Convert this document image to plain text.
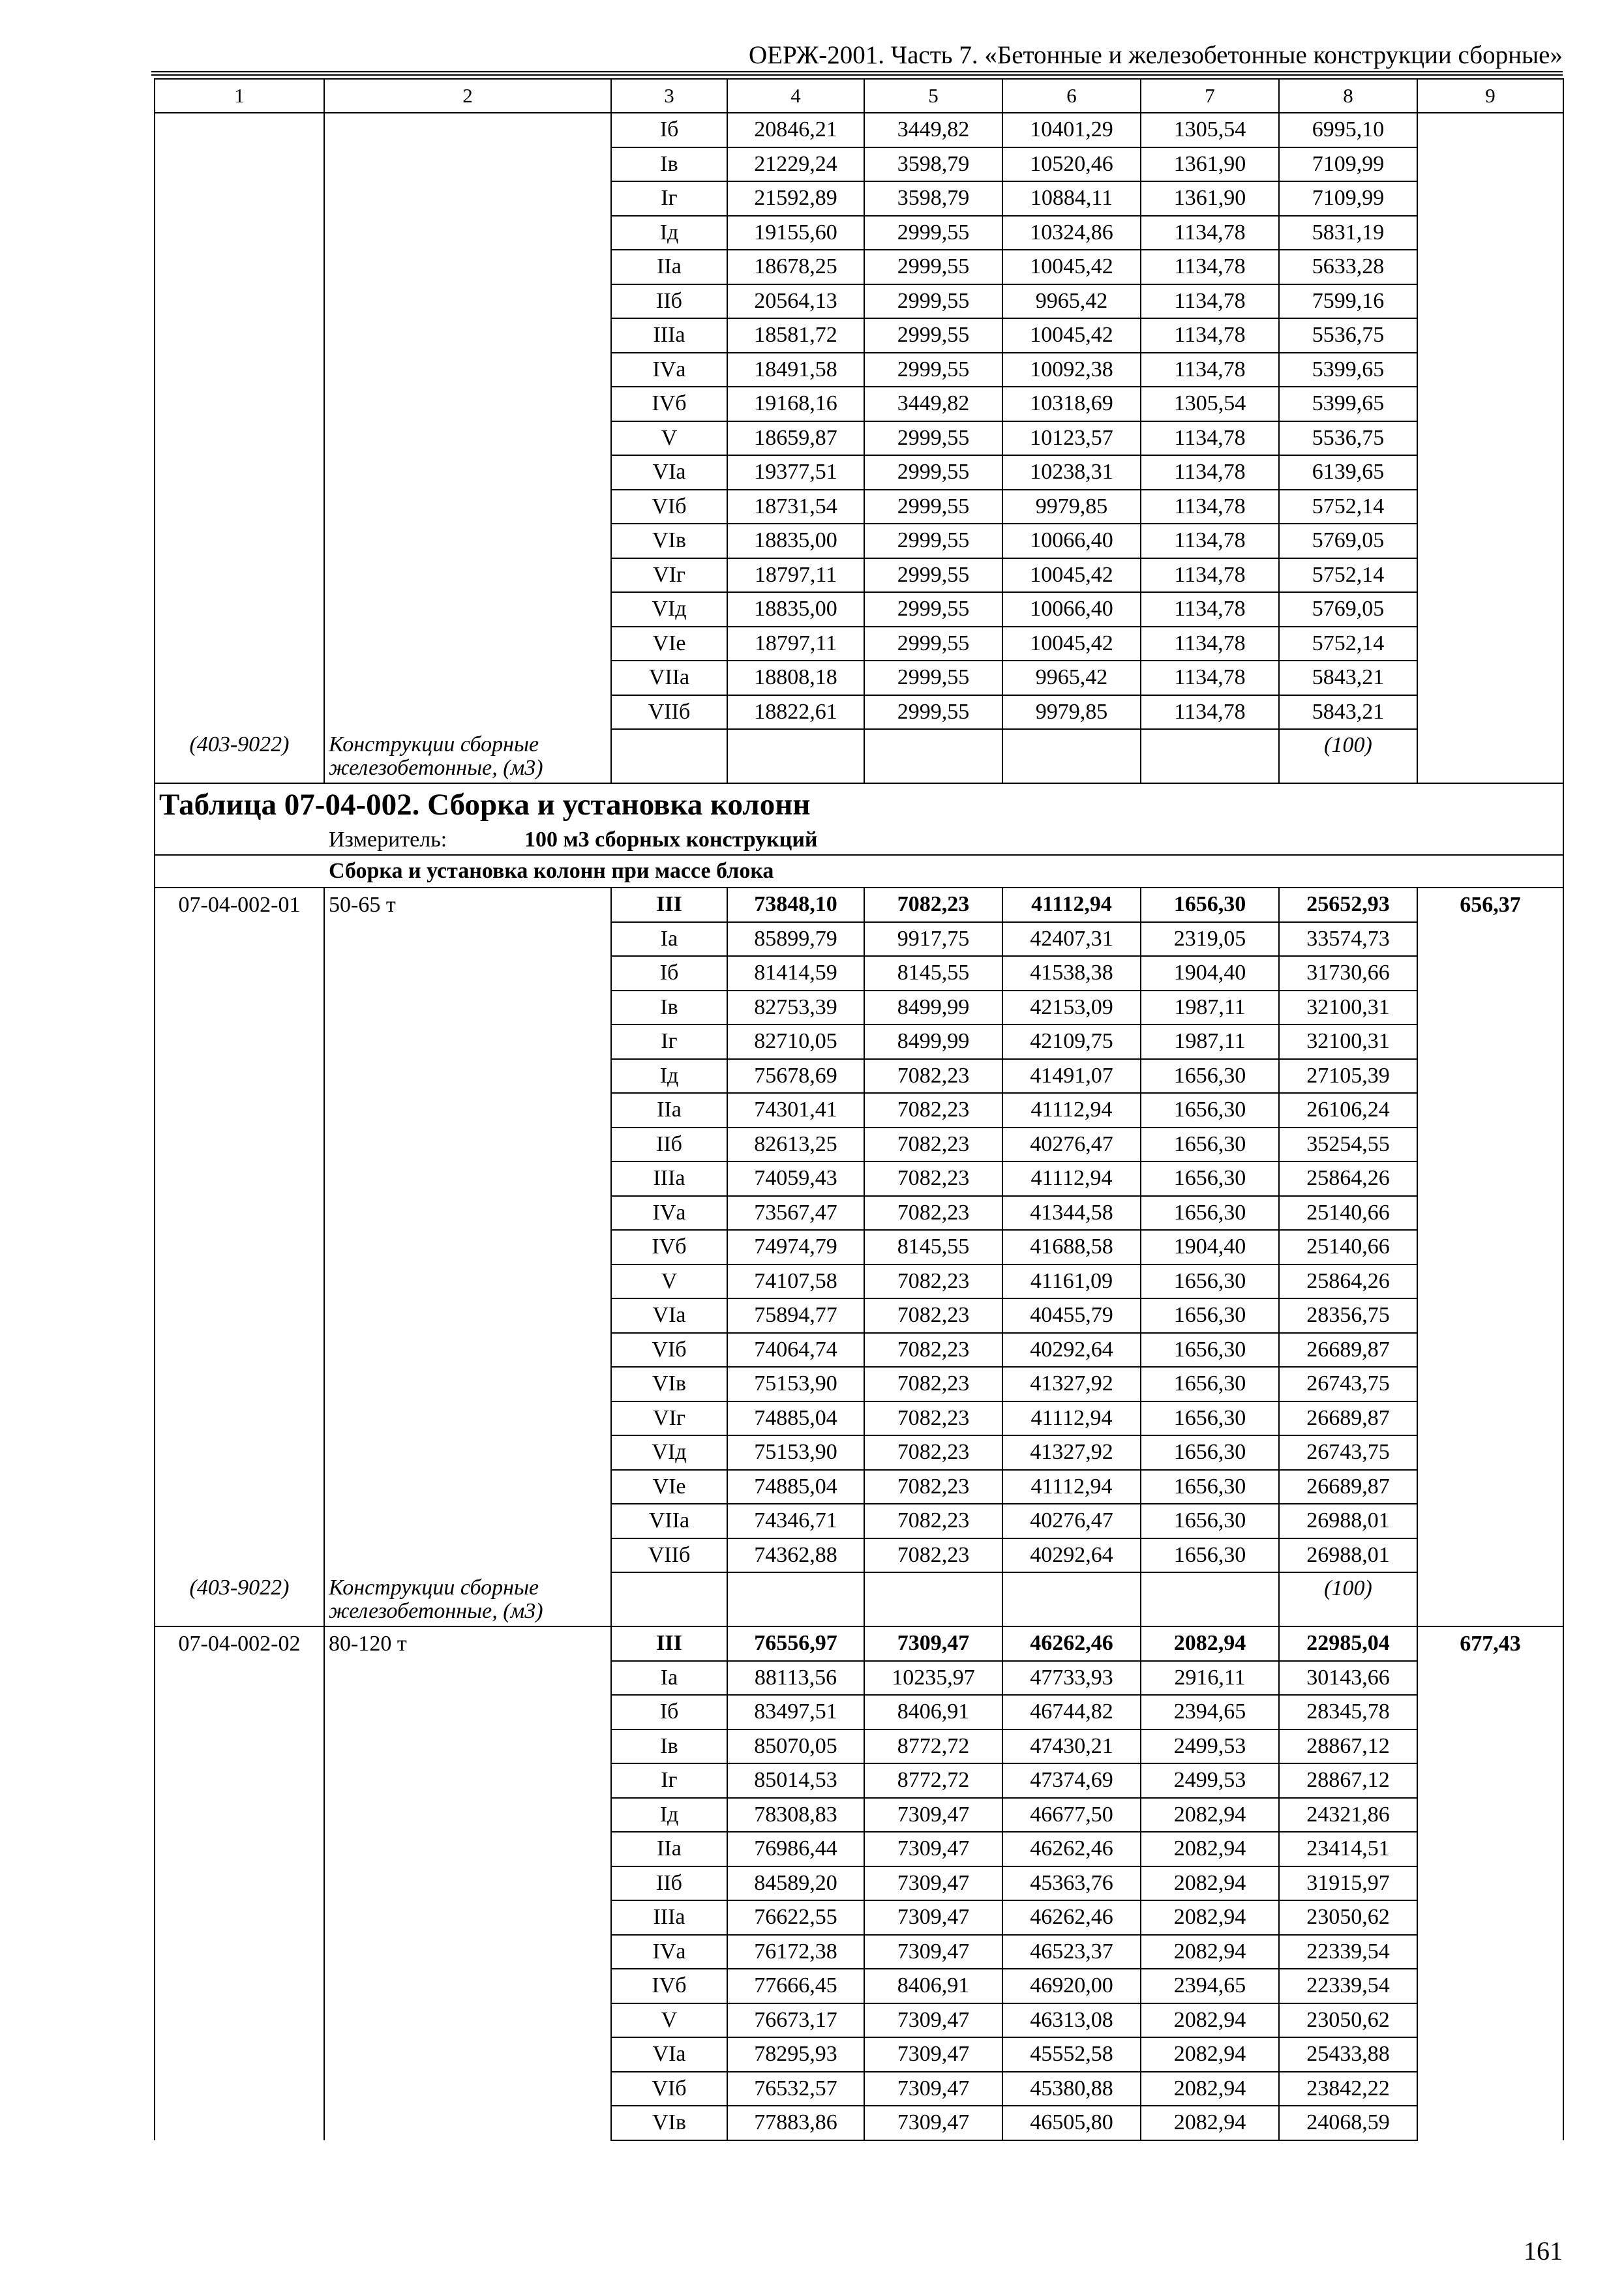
ОЕРЖ-2001. Часть 7. «Бетонные и железобетонные конструкции сборные»
1	2	3	4	5	6	7	8	9
		Iб	20846,21	3449,82	10401,29	1305,54	6995,10	
		Iв	21229,24	3598,79	10520,46	1361,90	7109,99	
		Iг	21592,89	3598,79	10884,11	1361,90	7109,99	
		Iд	19155,60	2999,55	10324,86	1134,78	5831,19	
		IIа	18678,25	2999,55	10045,42	1134,78	5633,28	
		IIб	20564,13	2999,55	9965,42	1134,78	7599,16	
		IIIа	18581,72	2999,55	10045,42	1134,78	5536,75	
		IVа	18491,58	2999,55	10092,38	1134,78	5399,65	
		IVб	19168,16	3449,82	10318,69	1305,54	5399,65	
		V	18659,87	2999,55	10123,57	1134,78	5536,75	
		VIа	19377,51	2999,55	10238,31	1134,78	6139,65	
		VIб	18731,54	2999,55	9979,85	1134,78	5752,14	
		VIв	18835,00	2999,55	10066,40	1134,78	5769,05	
		VIг	18797,11	2999,55	10045,42	1134,78	5752,14	
		VIд	18835,00	2999,55	10066,40	1134,78	5769,05	
		VIе	18797,11	2999,55	10045,42	1134,78	5752,14	
		VIIа	18808,18	2999,55	9965,42	1134,78	5843,21	
		VIIб	18822,61	2999,55	9979,85	1134,78	5843,21	
(403-9022)	Конструкции сборные железобетонные, (м3)						(100)	
Таблица 07-04-002. Сборка и установка колонн								
Измеритель: 100 м3 сборных конструкций								
Сборка и установка колонн при массе блока								
07-04-002-01	50-65 т	III	73848,10	7082,23	41112,94	1656,30	25652,93	656,37
		Iа	85899,79	9917,75	42407,31	2319,05	33574,73	
		Iб	81414,59	8145,55	41538,38	1904,40	31730,66	
		Iв	82753,39	8499,99	42153,09	1987,11	32100,31	
		Iг	82710,05	8499,99	42109,75	1987,11	32100,31	
		Iд	75678,69	7082,23	41491,07	1656,30	27105,39	
		IIа	74301,41	7082,23	41112,94	1656,30	26106,24	
		IIб	82613,25	7082,23	40276,47	1656,30	35254,55	
		IIIа	74059,43	7082,23	41112,94	1656,30	25864,26	
		IVа	73567,47	7082,23	41344,58	1656,30	25140,66	
		IVб	74974,79	8145,55	41688,58	1904,40	25140,66	
		V	74107,58	7082,23	41161,09	1656,30	25864,26	
		VIа	75894,77	7082,23	40455,79	1656,30	28356,75	
		VIб	74064,74	7082,23	40292,64	1656,30	26689,87	
		VIв	75153,90	7082,23	41327,92	1656,30	26743,75	
		VIг	74885,04	7082,23	41112,94	1656,30	26689,87	
		VIд	75153,90	7082,23	41327,92	1656,30	26743,75	
		VIе	74885,04	7082,23	41112,94	1656,30	26689,87	
		VIIа	74346,71	7082,23	40276,47	1656,30	26988,01	
		VIIб	74362,88	7082,23	40292,64	1656,30	26988,01	
(403-9022)	Конструкции сборные железобетонные, (м3)						(100)	
07-04-002-02	80-120 т	III	76556,97	7309,47	46262,46	2082,94	22985,04	677,43
		Iа	88113,56	10235,97	47733,93	2916,11	30143,66	
		Iб	83497,51	8406,91	46744,82	2394,65	28345,78	
		Iв	85070,05	8772,72	47430,21	2499,53	28867,12	
		Iг	85014,53	8772,72	47374,69	2499,53	28867,12	
		Iд	78308,83	7309,47	46677,50	2082,94	24321,86	
		IIа	76986,44	7309,47	46262,46	2082,94	23414,51	
		IIб	84589,20	7309,47	45363,76	2082,94	31915,97	
		IIIа	76622,55	7309,47	46262,46	2082,94	23050,62	
		IVа	76172,38	7309,47	46523,37	2082,94	22339,54	
		IVб	77666,45	8406,91	46920,00	2394,65	22339,54	
		V	76673,17	7309,47	46313,08	2082,94	23050,62	
		VIа	78295,93	7309,47	45552,58	2082,94	25433,88	
		VIб	76532,57	7309,47	45380,88	2082,94	23842,22	
		VIв	77883,86	7309,47	46505,80	2082,94	24068,59	
161
